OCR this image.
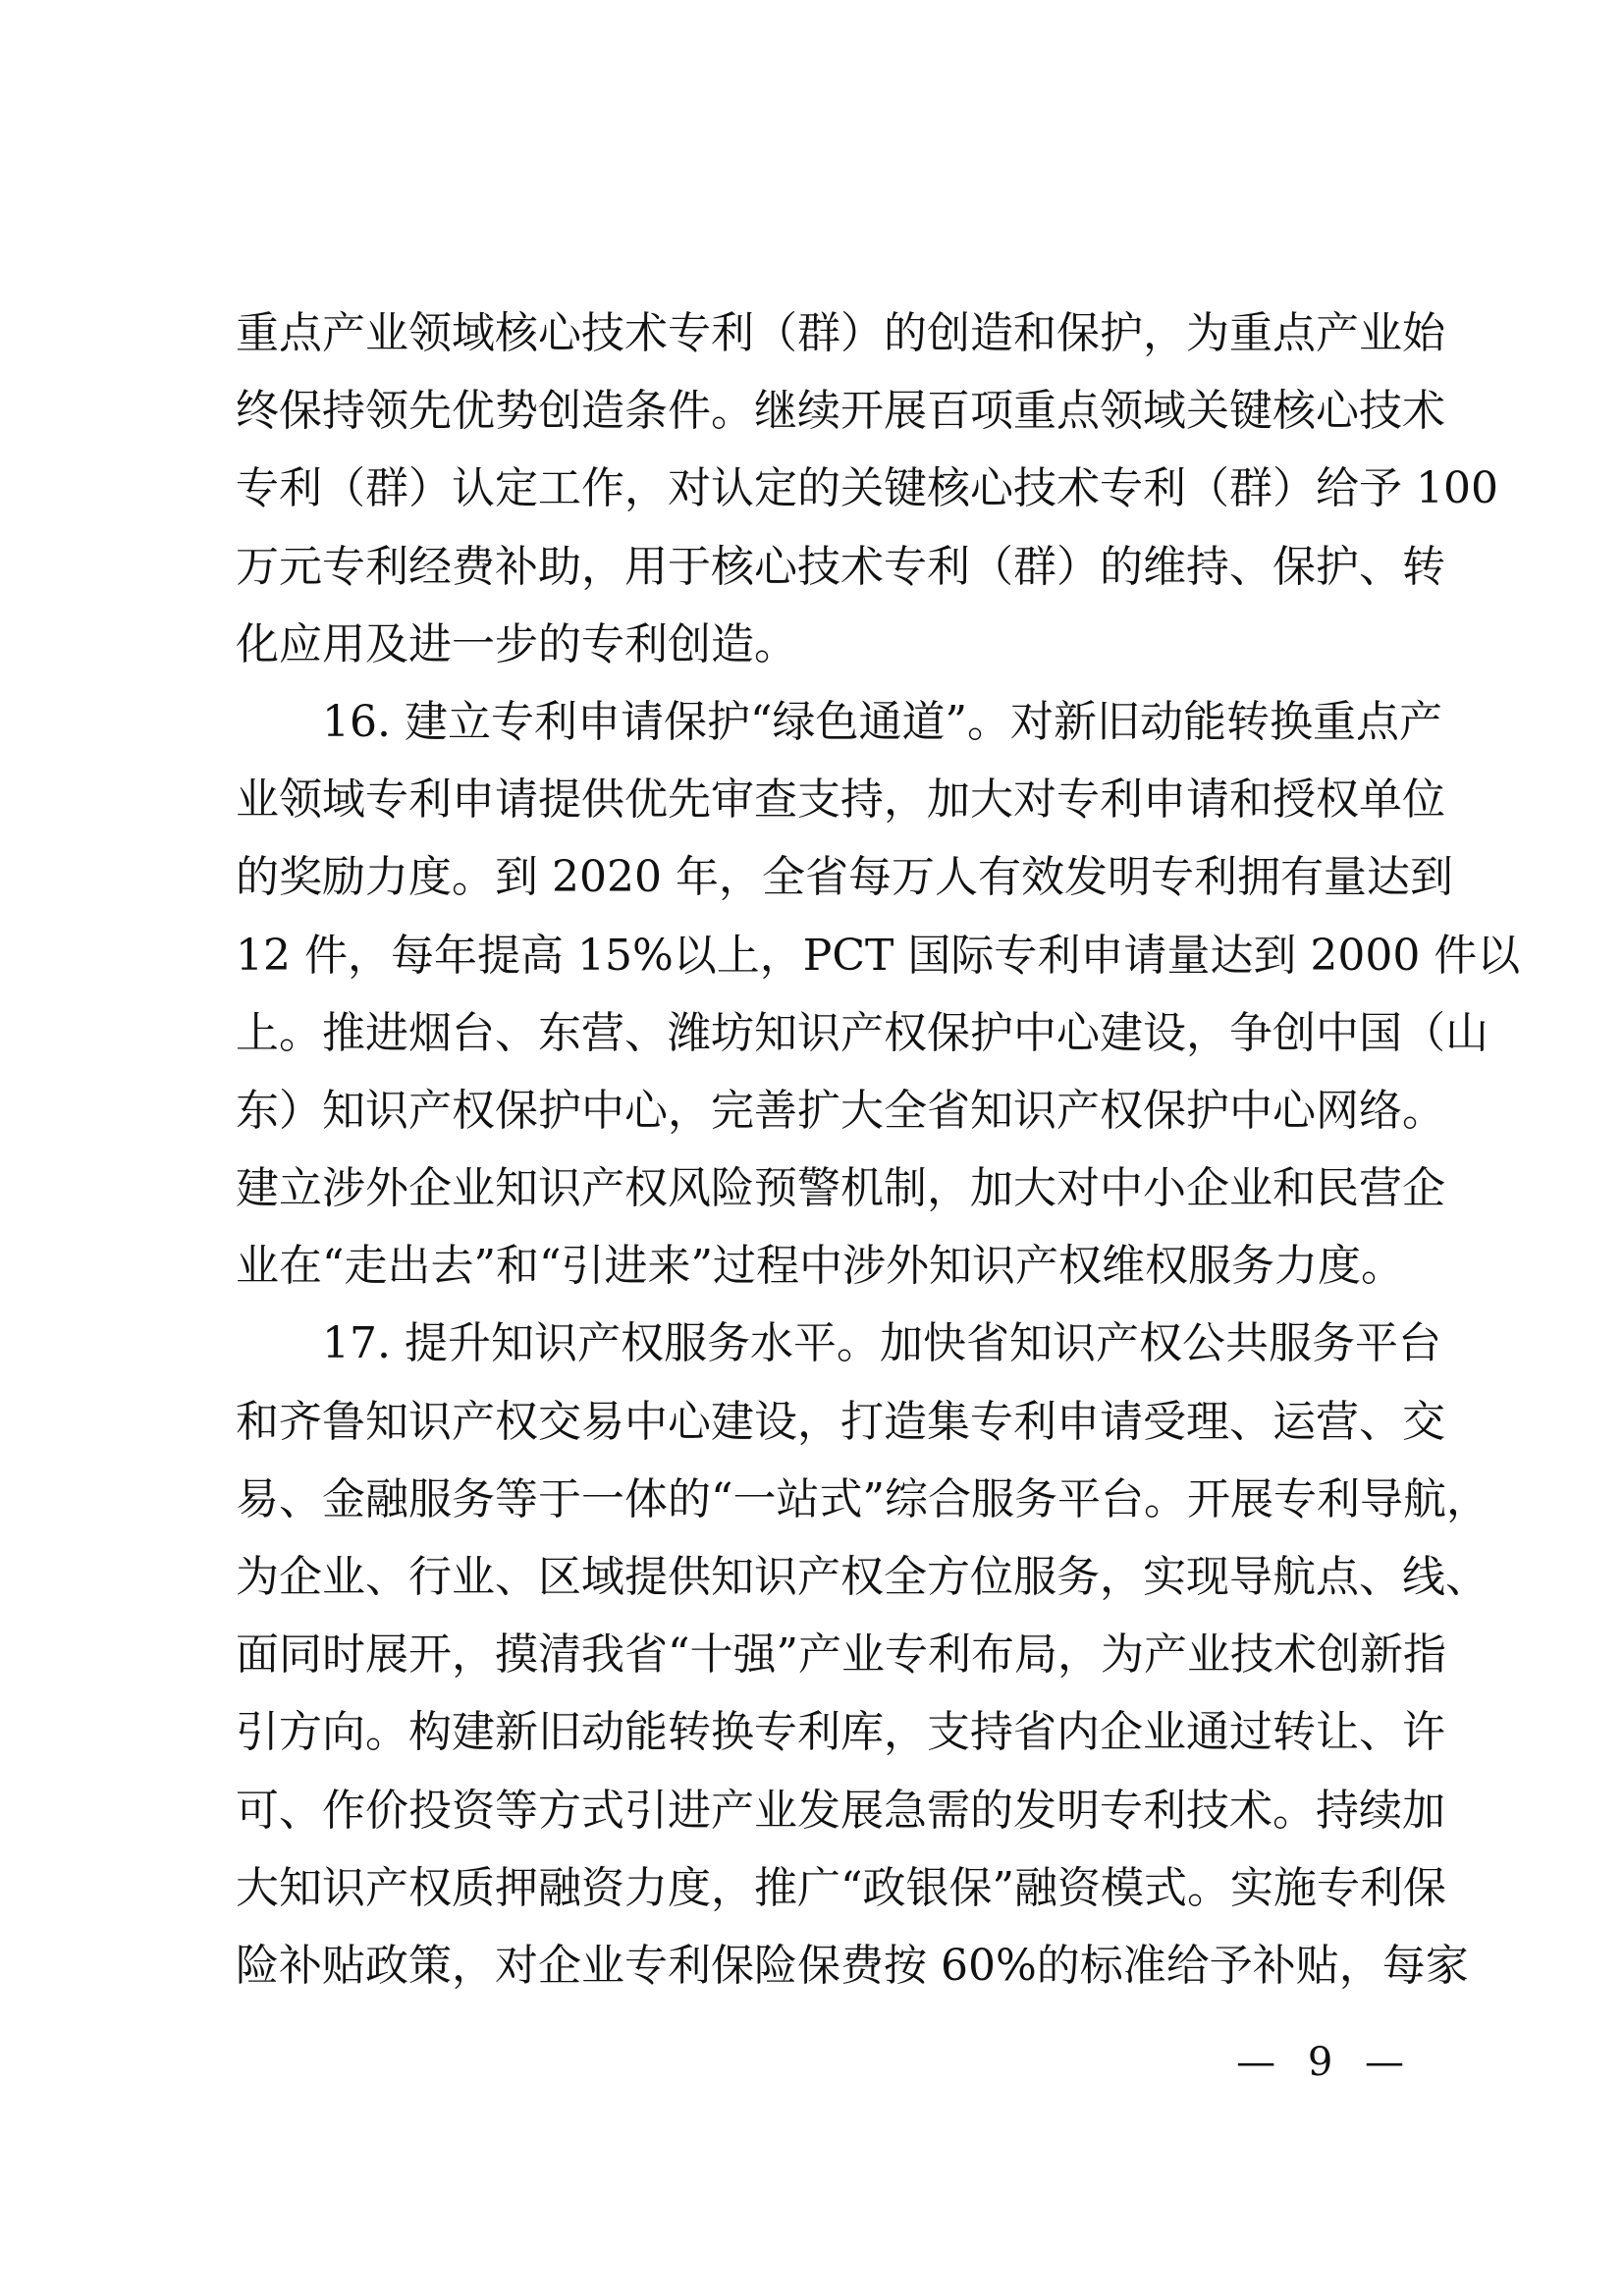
重点产业领域核心技术专利（群）的创造和保护，为重点产业始
终保持领先优势创造条件。继续开展百项重点领域关键核心技术
专利（群）认定工作，对认定的关键核心技术专利（群）给予 100
万元专利经费补助，用于核心技术专利（群）的维持、保护、转
化应用及进一步的专利创造。
16. 建立专利申请保护“绿色通道”。对新旧动能转换重点产
业领域专利申请提供优先审查支持，加大对专利申请和授权单位
的奖励力度。到 2020 年，全省每万人有效发明专利拥有量达到
12 件，每年提高 15%以上，PCT 国际专利申请量达到 2000 件以
上。推进烟台、东营、潍坊知识产权保护中心建设，争创中国（山
东）知识产权保护中心，完善扩大全省知识产权保护中心网络。
建立涉外企业知识产权风险预警机制，加大对中小企业和民营企
业在“走出去”和“引进来”过程中涉外知识产权维权服务力度。
17. 提升知识产权服务水平。加快省知识产权公共服务平台
和齐鲁知识产权交易中心建设，打造集专利申请受理、运营、交
易、金融服务等于一体的“一站式”综合服务平台。开展专利导航，
为企业、行业、区域提供知识产权全方位服务，实现导航点、线、
面同时展开，摸清我省“十强”产业专利布局，为产业技术创新指
引方向。构建新旧动能转换专利库，支持省内企业通过转让、许
可、作价投资等方式引进产业发展急需的发明专利技术。持续加
大知识产权质押融资力度，推广“政银保”融资模式。实施专利保
险补贴政策，对企业专利保险保费按 60%的标准给予补贴，每家
— 9 —
